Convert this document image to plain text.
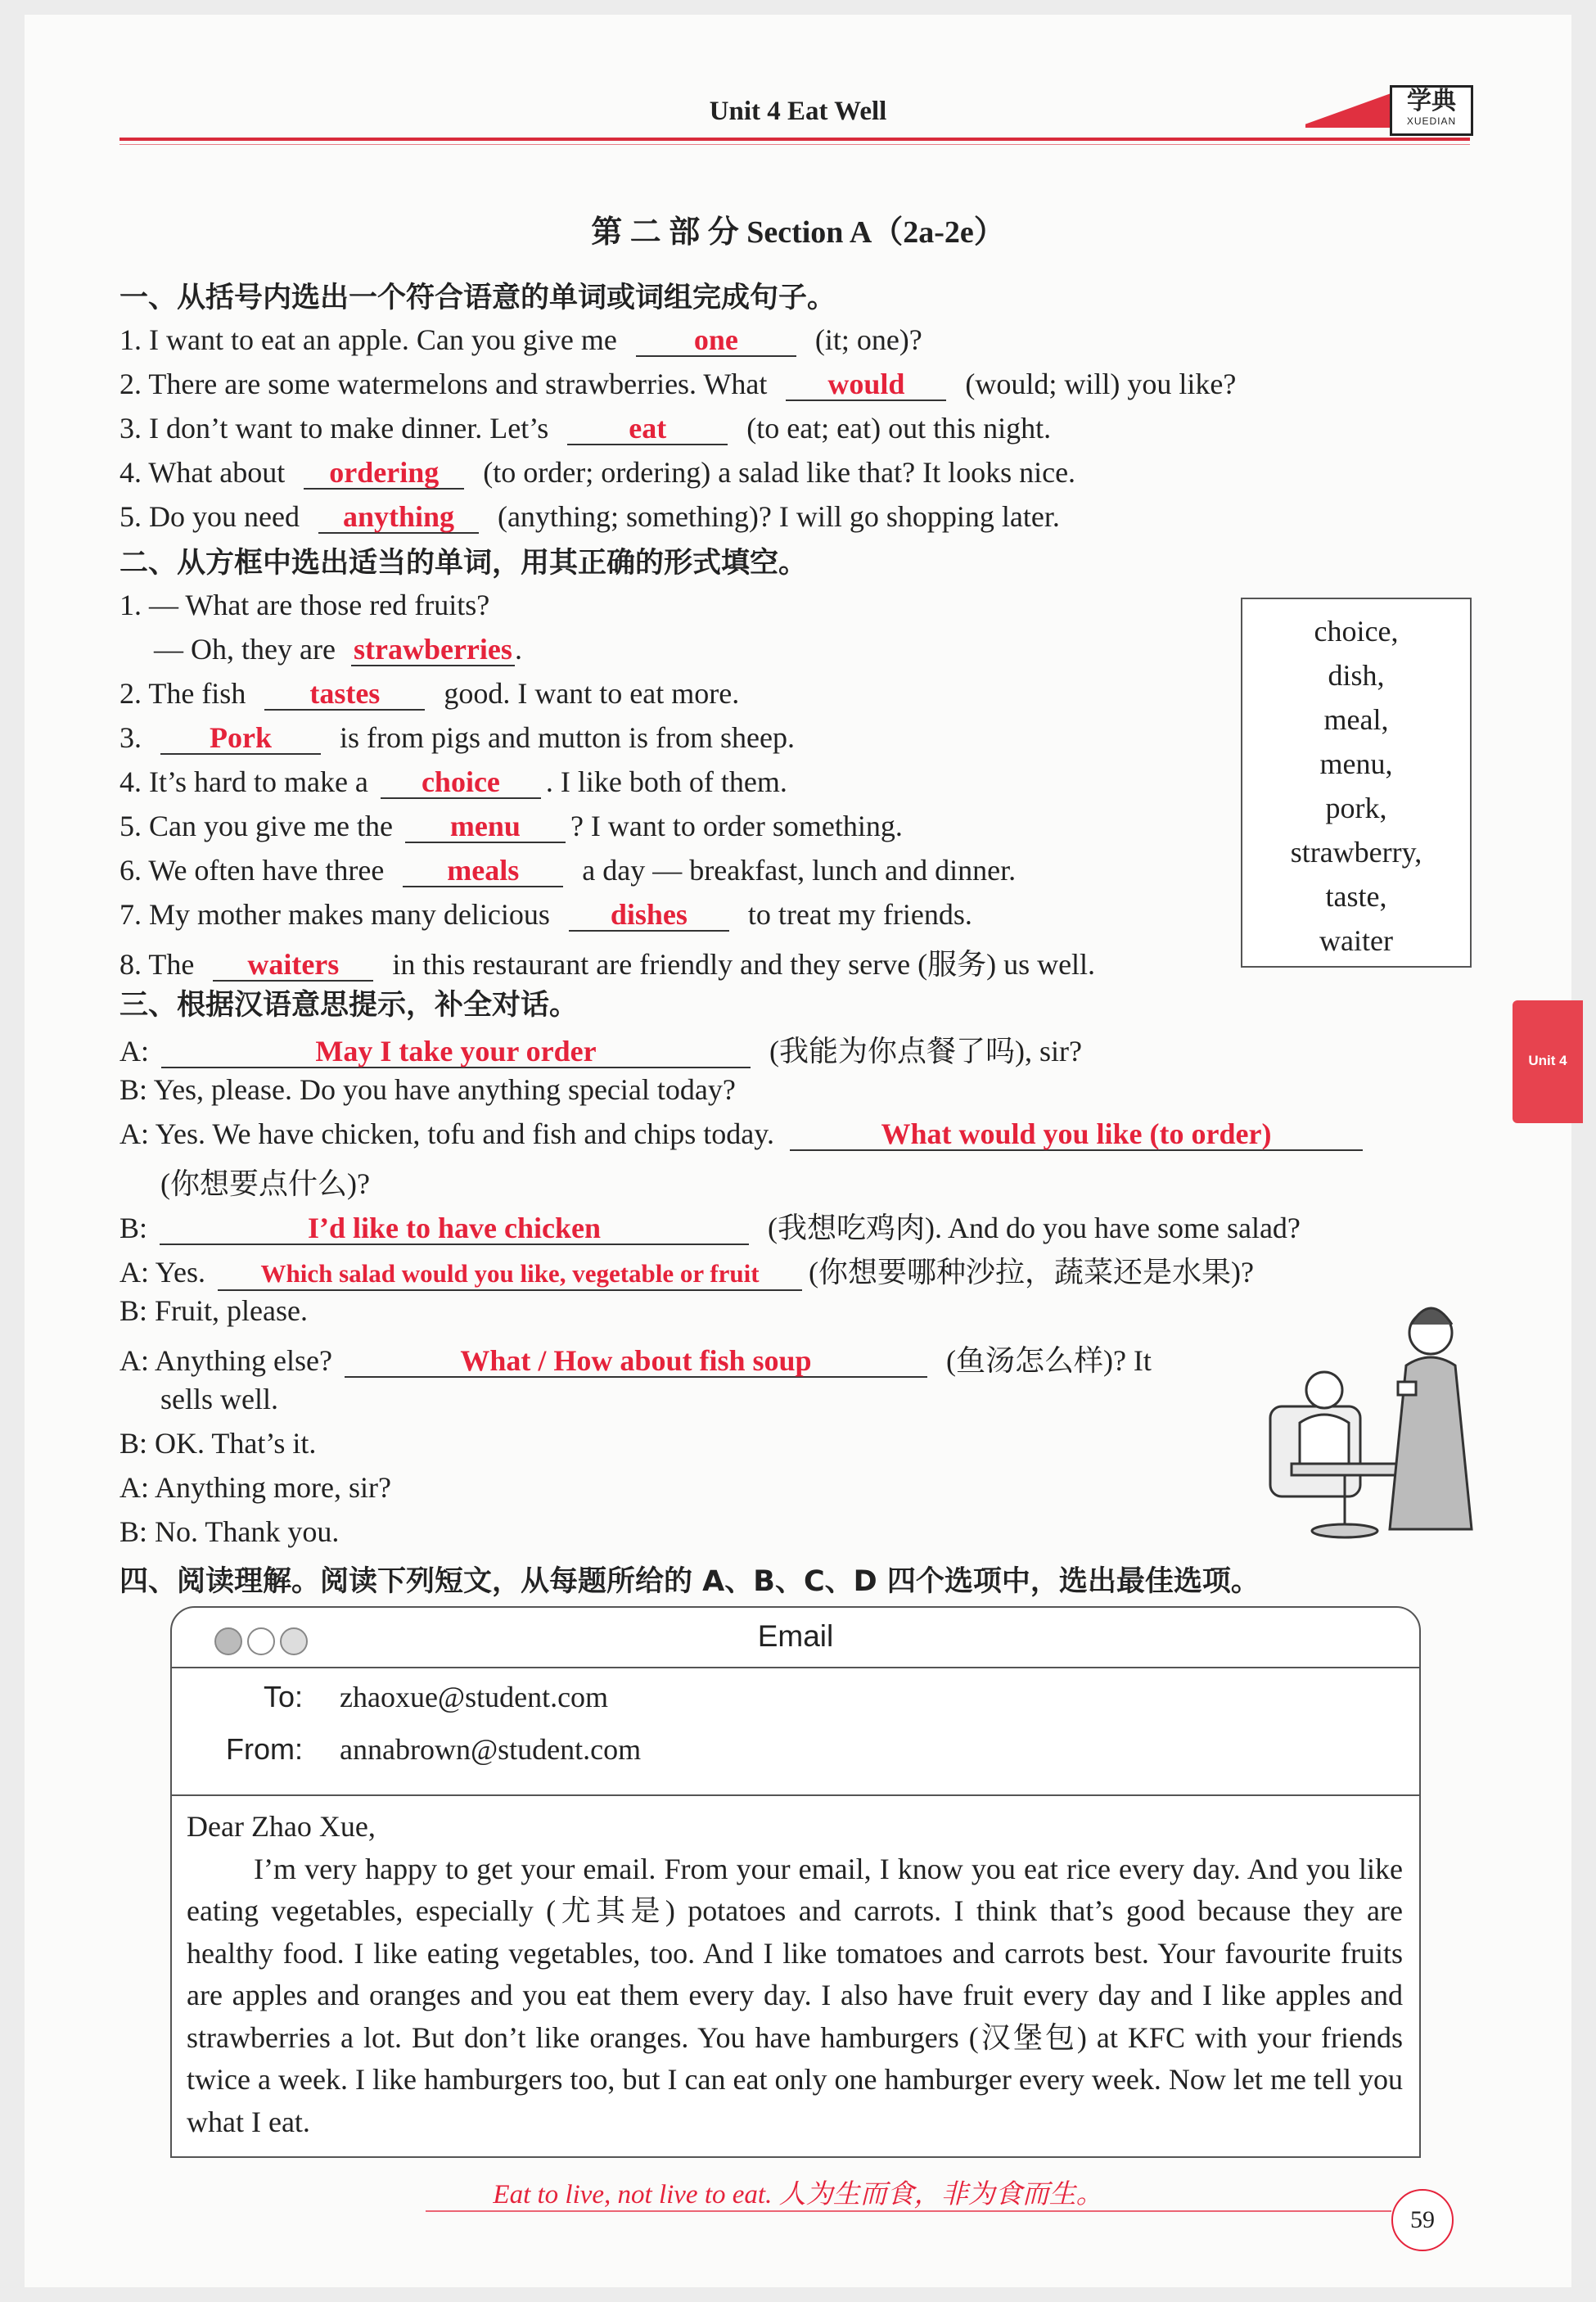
Unit 4 Eat Well	学典
XUEDIAN
第 二 部 分 Section A（2a-2e）
一、从括号内选出一个符合语意的单词或词组完成句子。
1. I want to eat an apple. Can you give me	one	(it; one)?
2. There are some watermelons and strawberries. What would (would; will) you like?
3. I don’t want to make dinner. Let’s	eat	(to eat; eat) out this night.
4. What about ordering (to order; ordering) a salad like that? It looks nice.
5. Do you need anything (anything; something)? I will go shopping later.
二、从方框中选出适当的单词，用其正确的形式填空。
1. — What are those red fruits?
— Oh, they are strawberries.
2. The fish tastes good. I want to eat more.
3. Pork is from pigs and mutton is from sheep.
4. It’s hard to make a choice . I like both of them.
5. Can you give me the menu ? I want to order something.
6. We often have three meals a day — breakfast, lunch and dinner.
7. My mother makes many delicious dishes to treat my friends.
8. The waiters in this restaurant are friendly and they serve (服务) us well.
choice,
dish,
meal,
menu,
pork,
strawberry,
taste,
waiter
Unit 4
三、根据汉语意思提示，补全对话。
A:	May I take your order	(我能为你点餐了吗), sir?
B: Yes, please. Do you have anything special today?
A: Yes. We have chicken, tofu and fish and chips today.	What would you like (to order)
(你想要点什么)?
B:	I’d like to have chicken	(我想吃鸡肉). And do you have some salad?
A: Yes. Which salad would you like, vegetable or fruit (你想要哪种沙拉，蔬菜还是水果)?
B: Fruit, please.
A: Anything else?	What / How about fish soup	(鱼汤怎么样)? It
sells well.
B: OK. That’s it.
A: Anything more, sir?
B: No. Thank you.
四、阅读理解。阅读下列短文，从每题所给的 A、B、C、D 四个选项中，选出最佳选项。
Email
To: zhaoxue@student.com
From: annabrown@student.com

Dear Zhao Xue,

I’m very happy to get your email. From your email, I know you eat rice every day. And you like eating vegetables, especially (尤其是) potatoes and carrots. I think that’s good because they are healthy food. I like eating vegetables, too. And I like tomatoes and carrots best. Your favourite fruits are apples and oranges and you eat them every day. I also have fruit every day and I like apples and strawberries a lot. But don’t like oranges. You have hamburgers (汉堡包) at KFC with your friends twice a week. I like hamburgers too, but I can eat only one hamburger every week. Now let me tell you what I eat.

Eat to live, not live to eat. 人为生而食，非为食而生。
59
